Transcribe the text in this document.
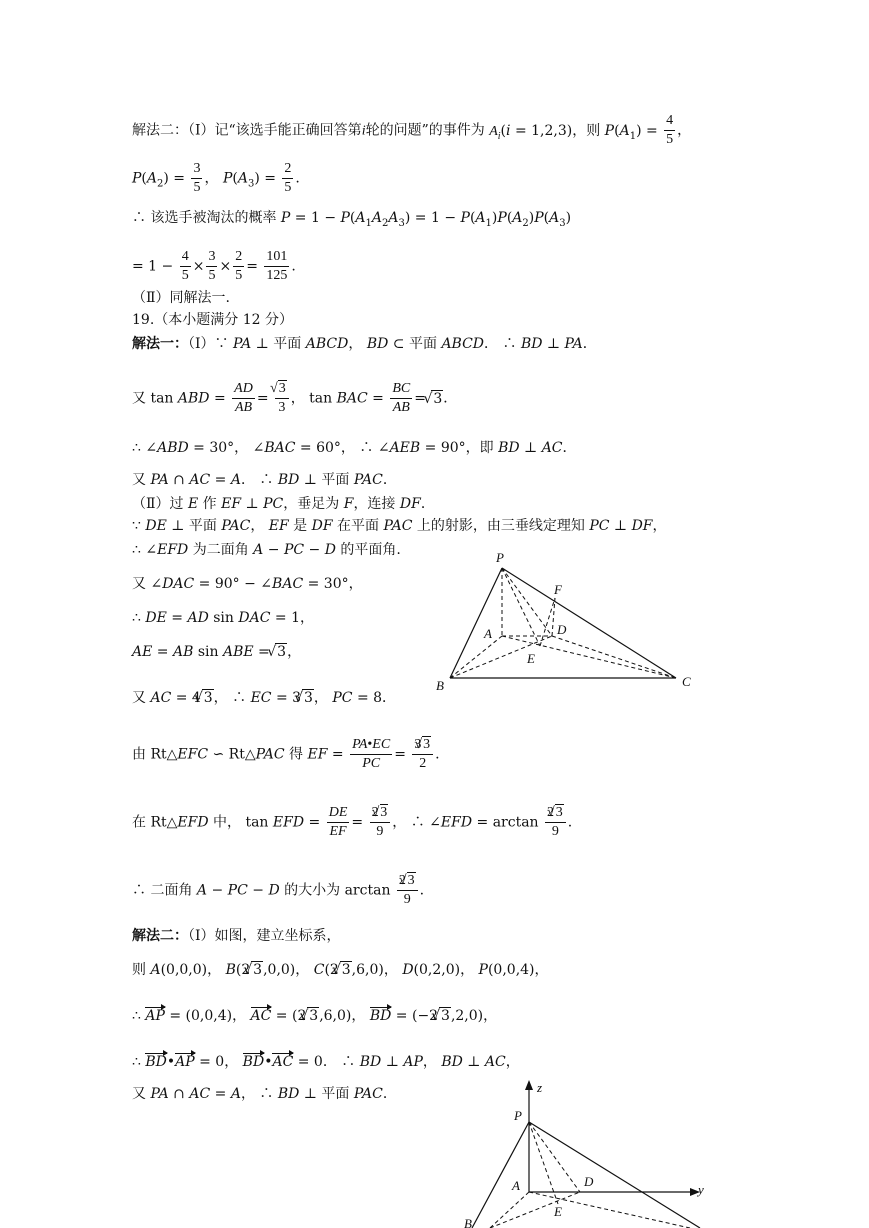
解法二：（Ⅰ）记“该选手能正确回答第i轮的问题”的事件为 $A_i(i = 1,2,3)$，则 $P(A_1) = \frac{4}{5}$ ，
$P(A_2) = \frac{3}{5}$ ， $P(A_3) = \frac{2}{5}$ .
∴ 该选手被淘汰的概率 $P = 1 - P(A_1A_2A_3) = 1 - P(A_1)P(A_2)P(A_3)$
= $1 - \frac{4}{5} \times \frac{3}{5} \times \frac{2}{5} = \frac{101}{125}$ .
（Ⅱ）同解法一.
19.（本小题满分 12 分）
解法一：（Ⅰ）∵ PA ⊥ 平面 ABCD， BD ⊂ 平面 ABCD． ∴ BD ⊥ PA．
又 tan ABD = $\frac{AD}{AB}$ = √ $\frac{3}{3}$ ， tan BAC = $\frac{BC}{AB}$ = √ 3．
∴ ∠ABD = 30°， ∠BAC = 60°， ∴ ∠AEB = 90°，即 BD ⊥ AC．
又 PA ∩ AC = A． ∴ BD ⊥ 平面 PAC．
（Ⅱ）过 E 作 EF ⊥ PC，垂足为 F，连接 DF．
∵ DE ⊥ 平面 PAC， EF 是 DF 在平面 PAC 上的射影，由三垂线定理知 PC ⊥ DF，
∴ ∠EFD 为二面角 A − PC − D 的平面角.
又 ∠DAC = 90° − ∠BAC = 30°，
∴ DE = AD sin DAC = 1，
AE = AB sin ABE = √ 3，
又 AC = 4 √ 3， ∴ EC = 3 √ 3， PC = 8．
由 Rt△EFC ∽ Rt△PAC 得 EF = $\frac{PA•EC}{PC} = \frac{3 √ 3}{2}$ .
在 Rt△EFD 中， tan EFD = $\frac{DE}{EF} = \frac{2 √ 3}{9}$ ， ∴ ∠EFD = $\arctan \frac{2 √ 3}{9}$ .
∴ 二面角 A − PC − D 的大小为 $\arctan \frac{2 √ 3}{9}$ .
解法二：（Ⅰ）如图，建立坐标系，
则 A(0,0,0)， B(2 √ 3,0,0)， C(2 √ 3,6,0)， D(0,2,0)， P(0,0,4)，
∴ AP = (0,0,4)， AC = (2 √ 3,6,0)， BD = (−2 √ 3,2,0)，
∴ BD•AP = 0， BD•AC = 0． ∴ BD ⊥ AP， BD ⊥ AC，
又 PA ∩ AC = A， ∴ BD ⊥ 平面 PAC．
P
F
A	D
E
B	C
z
P
A	D
y
E
B
